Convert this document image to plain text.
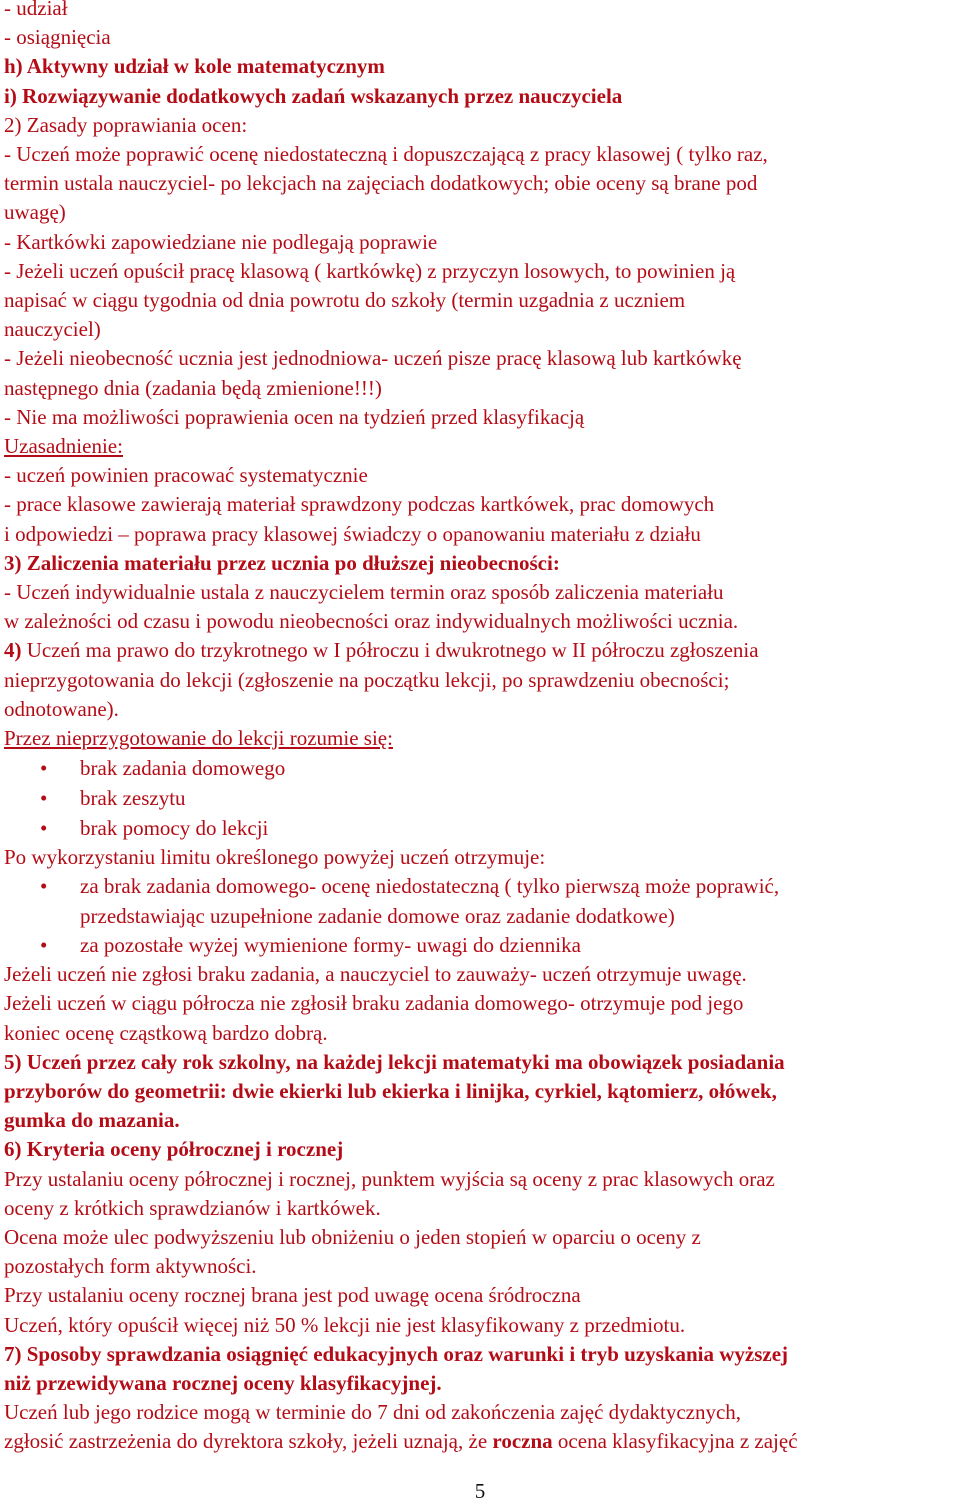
- udział
- osiągnięcia
h) Aktywny udział w kole matematycznym
i) Rozwiązywanie dodatkowych zadań wskazanych przez nauczyciela
2) Zasady poprawiania ocen:
- Uczeń może poprawić ocenę niedostateczną i dopuszczającą z pracy klasowej ( tylko raz,
termin ustala nauczyciel- po lekcjach na zajęciach dodatkowych; obie oceny są brane pod
uwagę)
- Kartkówki zapowiedziane nie podlegają poprawie
- Jeżeli uczeń opuścił pracę klasową ( kartkówkę) z przyczyn losowych, to powinien ją
napisać w ciągu tygodnia od dnia powrotu do szkoły (termin uzgadnia z uczniem
nauczyciel)
- Jeżeli nieobecność ucznia jest jednodniowa- uczeń pisze pracę klasową lub kartkówkę
następnego dnia (zadania będą zmienione!!!)
- Nie ma możliwości poprawienia ocen na tydzień przed klasyfikacją
Uzasadnienie:
- uczeń powinien pracować systematycznie
- prace klasowe zawierają materiał sprawdzony podczas kartkówek, prac domowych
i odpowiedzi – poprawa pracy klasowej świadczy o opanowaniu materiału z działu
3) Zaliczenia materiału przez ucznia po dłuższej nieobecności:
- Uczeń indywidualnie ustala z nauczycielem termin oraz sposób zaliczenia materiału
w zależności od czasu i powodu nieobecności oraz indywidualnych możliwości ucznia.
4) Uczeń ma prawo do trzykrotnego w I półroczu i dwukrotnego w II półroczu zgłoszenia
nieprzygotowania do lekcji (zgłoszenie na początku lekcji, po sprawdzeniu obecności;
odnotowane).
Przez nieprzygotowanie do lekcji rozumie się:
• brak zadania domowego
• brak zeszytu
• brak pomocy do lekcji
Po wykorzystaniu limitu określonego powyżej uczeń otrzymuje:
• za brak zadania domowego- ocenę niedostateczną ( tylko pierwszą może poprawić,
przedstawiając uzupełnione zadanie domowe oraz zadanie dodatkowe)
• za pozostałe wyżej wymienione formy- uwagi do dziennika
Jeżeli uczeń nie zgłosi braku zadania, a nauczyciel to zauważy- uczeń otrzymuje uwagę.
Jeżeli uczeń w ciągu półrocza nie zgłosił braku zadania domowego- otrzymuje pod jego
koniec ocenę cząstkową bardzo dobrą.
5) Uczeń przez cały rok szkolny, na każdej lekcji matematyki ma obowiązek posiadania
przyborów do geometrii: dwie ekierki lub ekierka i linijka, cyrkiel, kątomierz, ołówek,
gumka do mazania.
6) Kryteria oceny półrocznej i rocznej
Przy ustalaniu oceny półrocznej i rocznej, punktem wyjścia są oceny z prac klasowych oraz
oceny z krótkich sprawdzianów i kartkówek.
Ocena może ulec podwyższeniu lub obniżeniu o jeden stopień w oparciu o oceny z
pozostałych form aktywności.
Przy ustalaniu oceny rocznej brana jest pod uwagę ocena śródroczna
Uczeń, który opuścił więcej niż 50 % lekcji nie jest klasyfikowany z przedmiotu.
7) Sposoby sprawdzania osiągnięć edukacyjnych oraz warunki i tryb uzyskania wyższej
niż przewidywana rocznej oceny klasyfikacyjnej.
Uczeń lub jego rodzice mogą w terminie do 7 dni od zakończenia zajęć dydaktycznych,
zgłosić zastrzeżenia do dyrektora szkoły, jeżeli uznają, że roczna ocena klasyfikacyjna z zajęć
5
